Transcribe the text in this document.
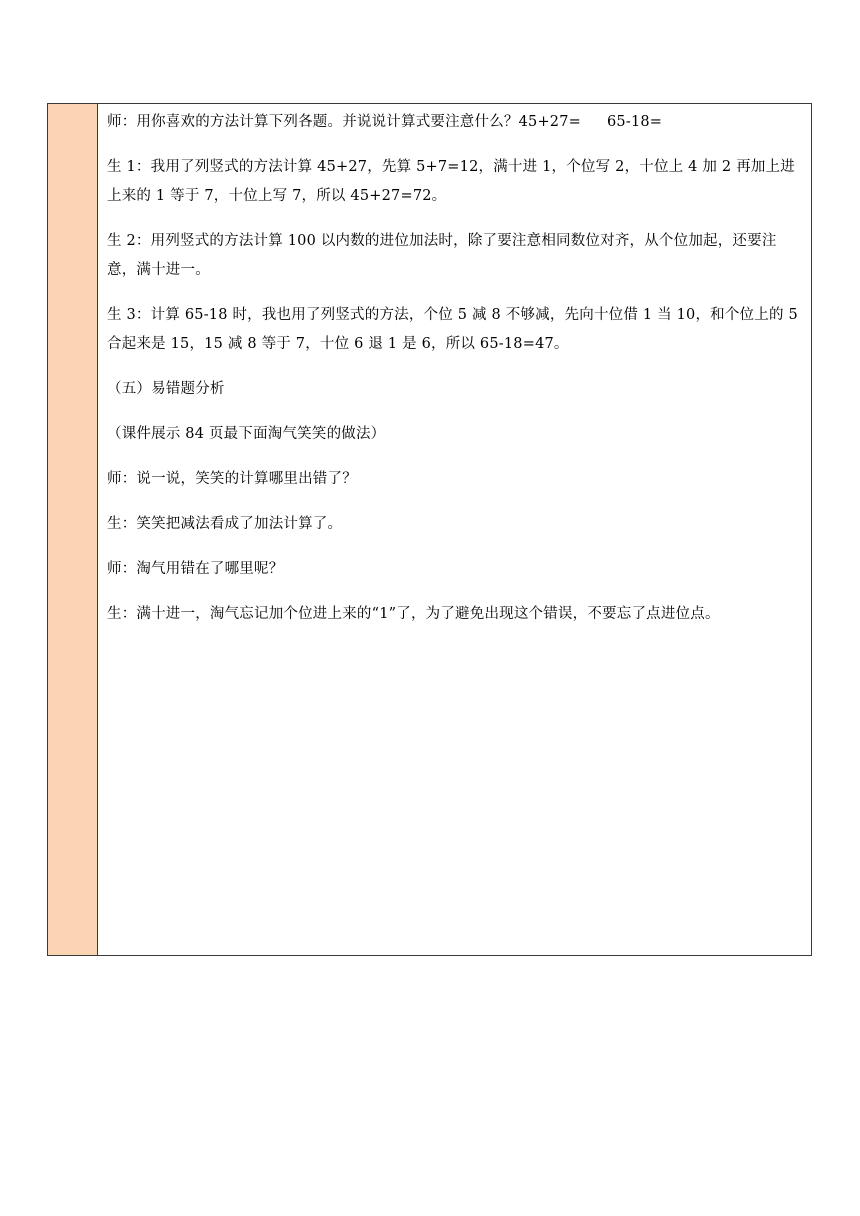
师：用你喜欢的方法计算下列各题。并说说计算式要注意什么？45+27= 65-18=

生 1：我用了列竖式的方法计算 45+27，先算 5+7=12，满十进 1，个位写 2，十位上 4 加 2 再加上进上来的 1 等于 7，十位上写 7，所以 45+27=72。

生 2：用列竖式的方法计算 100 以内数的进位加法时，除了要注意相同数位对齐，从个位加起，还要注意，满十进一。

生 3：计算 65-18 时，我也用了列竖式的方法，个位 5 减 8 不够减，先向十位借 1 当 10，和个位上的 5 合起来是 15，15 减 8 等于 7，十位 6 退 1 是 6，所以 65-18=47。

（五）易错题分析

（课件展示 84 页最下面淘气笑笑的做法）

师：说一说，笑笑的计算哪里出错了？

生：笑笑把减法看成了加法计算了。

师：淘气用错在了哪里呢？

生：满十进一，淘气忘记加个位进上来的“1”了，为了避免出现这个错误，不要忘了点进位点。
